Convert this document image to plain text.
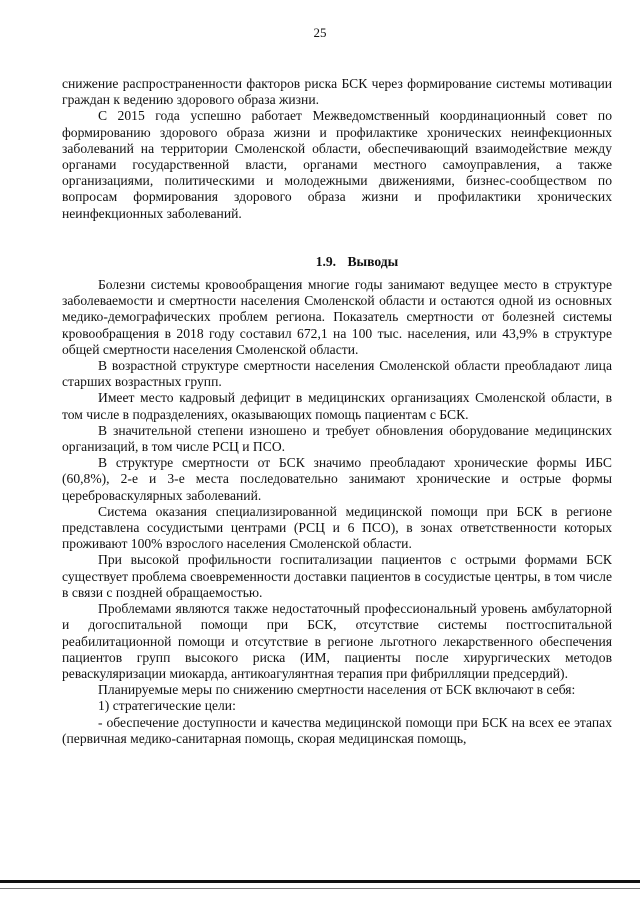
25

снижение распространенности факторов риска БСК через формирование системы мотивации граждан к ведению здорового образа жизни.

С 2015 года успешно работает Межведомственный координационный совет по формированию здорового образа жизни и профилактике хронических неинфекционных заболеваний на территории Смоленской области, обеспечивающий взаимодействие между органами государственной власти, органами местного самоуправления, а также организациями, политическими и молодежными движениями, бизнес-сообществом по вопросам формирования здорового образа жизни и профилактики хронических неинфекционных заболеваний.

1.9. Выводы

Болезни системы кровообращения многие годы занимают ведущее место в структуре заболеваемости и смертности населения Смоленской области и остаются одной из основных медико-демографических проблем региона. Показатель смертности от болезней системы кровообращения в 2018 году составил 672,1 на 100 тыс. населения, или 43,9% в структуре общей смертности населения Смоленской области.

В возрастной структуре смертности населения Смоленской области преобладают лица старших возрастных групп.

Имеет место кадровый дефицит в медицинских организациях Смоленской области, в том числе в подразделениях, оказывающих помощь пациентам с БСК.

В значительной степени изношено и требует обновления оборудование медицинских организаций, в том числе РСЦ и ПСО.

В структуре смертности от БСК значимо преобладают хронические формы ИБС (60,8%), 2-е и 3-е места последовательно занимают хронические и острые формы цереброваскулярных заболеваний.

Система оказания специализированной медицинской помощи при БСК в регионе представлена сосудистыми центрами (РСЦ и 6 ПСО), в зонах ответственности которых проживают 100% взрослого населения Смоленской области.

При высокой профильности госпитализации пациентов с острыми формами БСК существует проблема своевременности доставки пациентов в сосудистые центры, в том числе в связи с поздней обращаемостью.

Проблемами являются также недостаточный профессиональный уровень амбулаторной и догоспитальной помощи при БСК, отсутствие системы постгоспитальной реабилитационной помощи и отсутствие в регионе льготного лекарственного обеспечения пациентов групп высокого риска (ИМ, пациенты после хирургических методов реваскуляризации миокарда, антикоагулянтная терапия при фибрилляции предсердий).

Планируемые меры по снижению смертности населения от БСК включают в себя:

1) стратегические цели:

- обеспечение доступности и качества медицинской помощи при БСК на всех ее этапах (первичная медико-санитарная помощь, скорая медицинская помощь,
